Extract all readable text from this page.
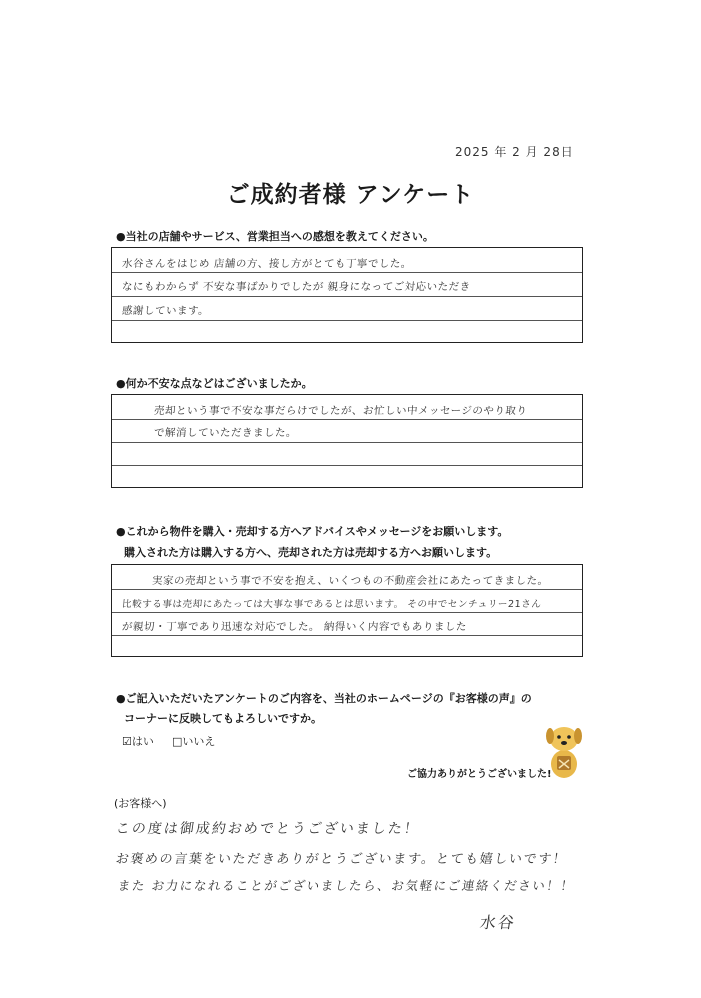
2025 年 2 月 28日
ご成約者様 アンケート
●当社の店舗やサービス、営業担当への感想を教えてください。
水谷さんをはじめ 店舗の方、接し方がとても丁寧でした。
なにもわからず 不安な事ばかりでしたが 親身になってご対応いただき
感謝しています。
●何か不安な点などはございましたか。
売却という事で不安な事だらけでしたが、お忙しい中メッセージのやり取り
で解消していただきました。
●これから物件を購入・売却する方へアドバイスやメッセージをお願いします。
購入された方は購入する方へ、売却された方は売却する方へお願いします。
実家の売却という事で不安を抱え、いくつもの不動産会社にあたってきました。
比較する事は売却にあたっては大事な事であるとは思います。 その中でセンチュリー21さん
が親切・丁寧であり迅速な対応でした。 納得いく内容でもありました
●ご記入いただいたアンケートのご内容を、当社のホームページの『お客様の声』の
コーナーに反映してもよろしいですか。
☑はい □いいえ
ご協力ありがとうございました!
(お客様へ)
この度は御成約おめでとうございました！
お褒めの言葉をいただきありがとうございます。とても嬉しいです！
また お力になれることがございましたら、お気軽にご連絡ください！！
水谷
